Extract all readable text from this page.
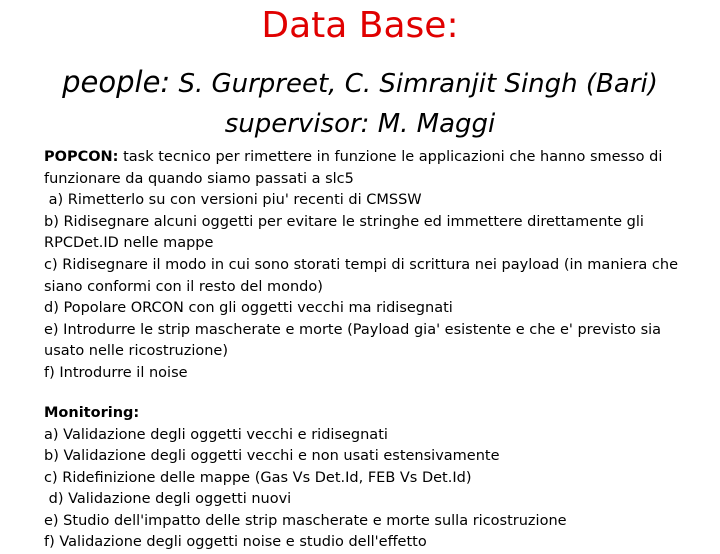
Data Base:
people: S. Gurpreet, C. Simranjit Singh (Bari)
supervisor: M. Maggi

POPCON: task tecnico per rimettere in funzione le applicazioni che hanno smesso di funzionare da quando siamo passati a slc5

a) Rimetterlo su con versioni piu' recenti di CMSSW

b) Ridisegnare alcuni oggetti per evitare le stringhe ed immettere direttamente gli RPCDet.ID nelle mappe

c) Ridisegnare il modo in cui sono storati tempi di scrittura nei payload (in maniera che siano conformi con il resto del mondo)

d) Popolare ORCON con gli oggetti vecchi ma ridisegnati

e) Introdurre le strip mascherate e morte (Payload gia' esistente e che e' previsto sia usato nelle ricostruzione)

f) Introdurre il noise

Monitoring:

a) Validazione degli oggetti vecchi e ridisegnati

b) Validazione degli oggetti vecchi e non usati estensivamente

c) Ridefinizione delle mappe (Gas Vs Det.Id, FEB Vs Det.Id)

d) Validazione degli oggetti nuovi

e) Studio dell'impatto delle strip mascherate e morte sulla ricostruzione

f) Validazione degli oggetti noise e studio dell'effetto
